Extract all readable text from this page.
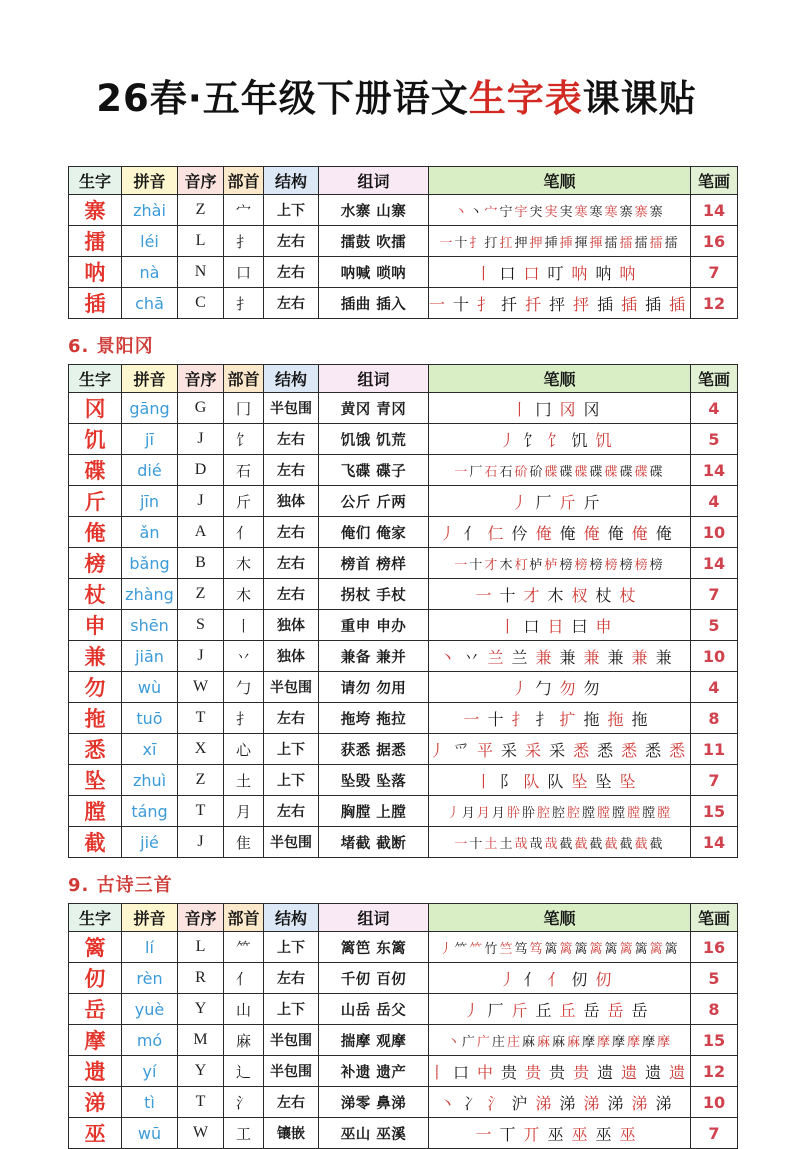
26春·五年级下册语文生字表课课贴
生字	拼音	音序	部首	结构	组词	笔顺	笔画
寨	zhài	Z	宀	上下	水寨 山寨	丶 丶 宀 宁 宇 宊 実 実 寒 寒 寒 寨 寨 寨	14
擂	léi	L	扌	左右	擂鼓 吹擂	一 十 扌 打 扛 押 押 挿 挿 揮 揮 擂 擂 擂 擂 擂	16
呐	nà	N	口	左右	呐喊 唢呐	丨 口 口 叮 呐 呐 呐	7
插	chā	C	扌	左右	插曲 插入	一 十 扌 扦 扦 抨 抨 插 插 插 插	12
6. 景阳冈
生字	拼音	音序	部首	结构	组词	笔顺	笔画
冈	gāng	G	冂	半包围	黄冈 青冈	丨 冂 冈 冈	4
饥	jī	J	饣	左右	饥饿 饥荒	丿 饣 饣 饥 饥	5
碟	dié	D	石	左右	飞碟 碟子	一 厂 石 石 砎 砎 碟 碟 碟 碟 碟 碟 碟 碟	14
斤	jīn	J	斤	独体	公斤 斤两	丿 厂 斤 斤	4
俺	ǎn	A	亻	左右	俺们 俺家	丿 亻 仁 仱 俺 俺 俺 俺 俺 俺	10
榜	bǎng	B	木	左右	榜首 榜样	一 十 才 木 朾 栌 栌 榜 榜 榜 榜 榜 榜 榜	14
杖	zhàng	Z	木	左右	拐杖 手杖	一 十 才 木 杈 杖 杖	7
申	shēn	S	丨	独体	重申 申办	丨 口 日 曰 申	5
兼	jiān	J	丷	独体	兼备 兼并	丶 丷 兰 兰 兼 兼 兼 兼 兼 兼	10
勿	wù	W	勹	半包围	请勿 勿用	丿 勹 勿 勿	4
拖	tuō	T	扌	左右	拖垮 拖拉	一 十 扌 扌 扩 拖 拖 拖	8
悉	xī	X	心	上下	获悉 据悉	丿 爫 平 采 采 采 悉 悉 悉 悉 悉	11
坠	zhuì	Z	土	上下	坠毁 坠落	丨 阝 队 队 坠 坠 坠	7
膛	táng	T	月	左右	胸膛 上膛	丿 月 月 月 肸 肸 腔 腔 腔 膛 膛 膛 膛 膛 膛	15
截	jié	J	隹	半包围	堵截 截断	一 十 土 土 哉 哉 哉 截 截 截 截 截 截 截	14
9. 古诗三首
生字	拼音	音序	部首	结构	组词	笔顺	笔画
篱	lí	L	⺮	上下	篱笆 东篱	丿 ⺮ ⺮ 竹 竺 笃 笃 篱 篱 篱 篱 篱 篱 篱 篱 篱	16
仞	rèn	R	亻	左右	千仞 百仞	丿 亻 亻 仞 仞	5
岳	yuè	Y	山	上下	山岳 岳父	丿 厂 斤 丘 丘 岳 岳 岳	8
摩	mó	M	麻	半包围	揣摩 观摩	丶 广 广 庄 庄 麻 麻 麻 麻 摩 摩 摩 摩 摩 摩	15
遗	yí	Y	辶	半包围	补遗 遗产	丨 口 中 贵 贵 贵 贵 遗 遗 遗 遗	12
涕	tì	T	氵	左右	涕零 鼻涕	丶 冫 氵 沪 涕 涕 涕 涕 涕 涕	10
巫	wū	W	工	镶嵌	巫山 巫溪	一 丅 丌 巫 巫 巫 巫	7
